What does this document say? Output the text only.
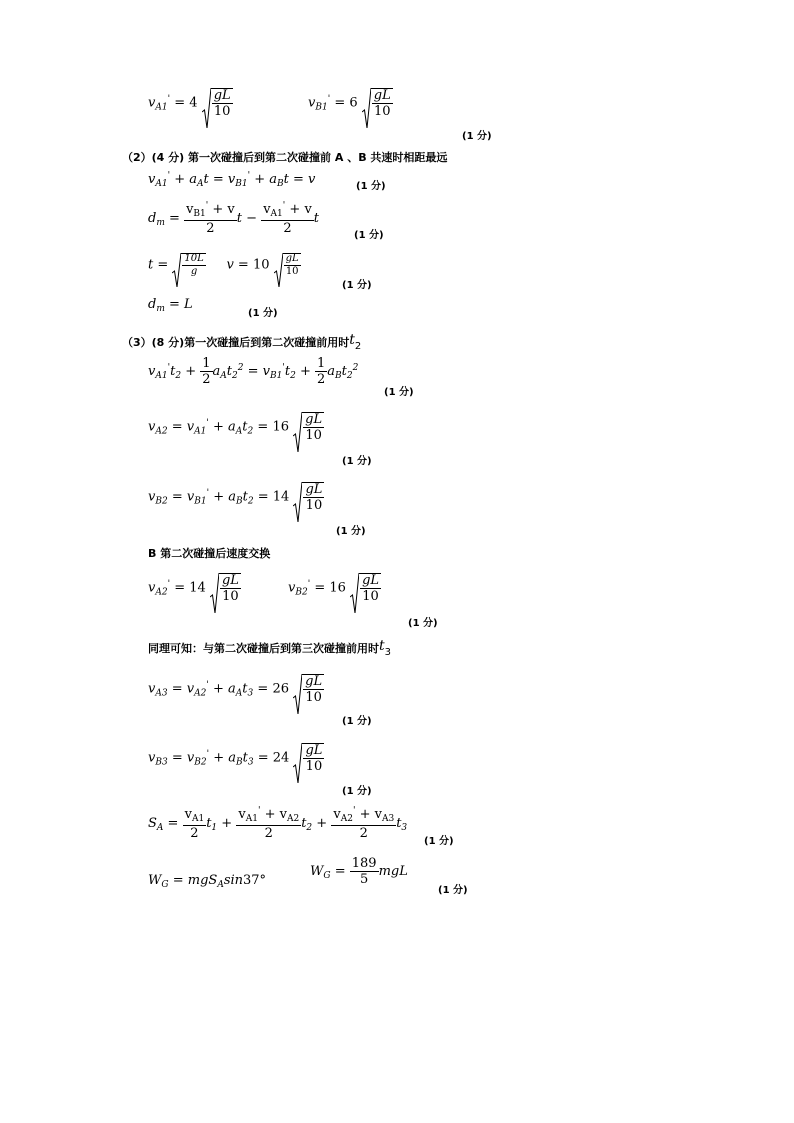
$v_{A1}' = 4 \frac{gL}{10}$	$v_{B1}' = 6 \frac{gL}{10}$
(1 分)
（2）(4 分) 第一次碰撞后到第二次碰撞前 A 、B 共速时相距最远
$v_{A1}' + a_At = v_{B1}' + a_Bt = v$	(1 分)
$d_m = \frac{v_{B1}' + v}{2}$ $t - \frac{v_{A1}' + v}{2}$ t
(1 分)
$t = \frac{10L}{g}$ $v = 10 \frac{gL}{10}$
(1 分)
$d_m = L$
(1 分)
（3）(8 分)第一次碰撞后到第二次碰撞前用时$t_2$
$v_{A1}'t_2 + \frac{1}{2} a_At_2^2 = v_{B1}'t_2 + \frac{1}{2} a_Bt_2^2$
(1 分)
$v_{A2} = v_{A1}' + a_At_2 = 16 \frac{gL}{10}$
(1 分)
$v_{B2} = v_{B1}' + a_Bt_2 = 14 \frac{gL}{10}$
(1 分)
B 第二次碰撞后速度交换
$v_{A2}' = 14 \frac{gL}{10}$	$v_{B2}' = 16 \frac{gL}{10}$
(1 分)
同理可知：与第二次碰撞后到第三次碰撞前用时$t_3$
$v_{A3} = v_{A2}' + a_At_3 = 26 \frac{gL}{10}$
(1 分)
$v_{B3} = v_{B2}' + a_Bt_3 = 24 \frac{gL}{10}$
(1 分)
$S_A = \frac{v_{A1}}{2} t_1 + \frac{v_{A1}' + v_{A2}}{2} t_2 + \frac{v_{A2}' + v_{A3}}{2} t_3$
(1 分)
$W_G = mgS_A\sin 37^\circ$
$W_G = \frac{189}{5}$ mgL
(1 分)
